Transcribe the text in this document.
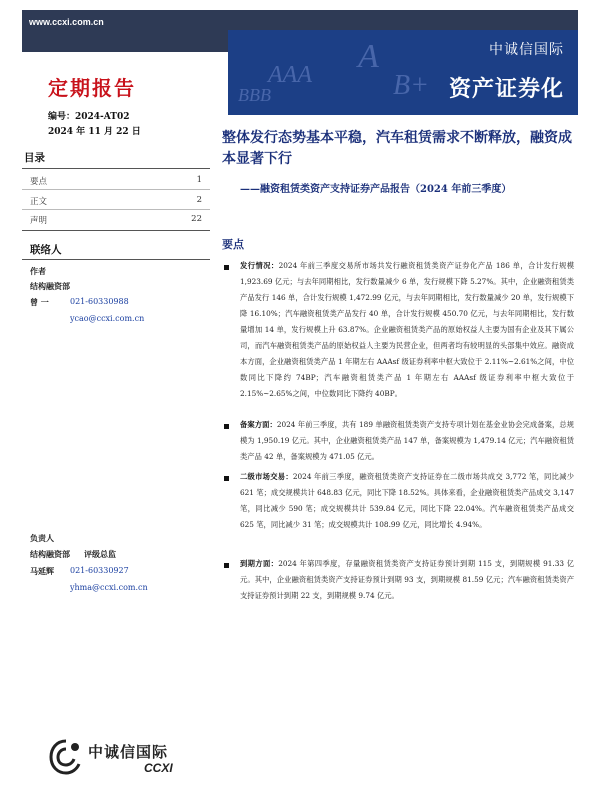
www.ccxi.com.cn
AAA
BBB
A
B+
中诚信国际
资产证券化
定期报告
编号：2024-AT02
2024 年 11 月 22 日	整体发行态势基本平稳，汽车租赁需求不断释放，融资成本显著下行
——融资租赁类资产支持证券产品报告（2024 年前三季度）
目录
要点	1
正文	2
声明	22
联络人
作者
结构融资部
曾 一	021-60330988
ycao@ccxi.com.cn
负责人
结构融资部 评级总监
马延辉 021-60330927
yhma@ccxi.com.cn
要点
发行情况：2024 年前三季度交易所市场共发行融资租赁类资产证券化产品 186 单，合计发行规模 1,923.69 亿元；与去年同期相比，发行数量减少 6 单，发行规模下降 5.27%。其中，企业融资租赁类产品发行 146 单，合计发行规模 1,472.99 亿元，与去年同期相比，发行数量减少 20 单，发行规模下降 16.10%；汽车融资租赁类产品发行 40 单，合计发行规模 450.70 亿元，与去年同期相比，发行数量增加 14 单，发行规模上升 63.87%。企业融资租赁类产品的原始权益人主要为国有企业及其下属公司，而汽车融资租赁类产品的原始权益人主要为民营企业，但两者均有较明显的头部集中效应。融资成本方面，企业融资租赁类产品 1 年期左右 AAAsf 级证券利率中枢大致位于 2.11%~2.61%之间，中位数同比下降约 74BP；汽车融资租赁类产品 1 年期左右 AAAsf 级证券利率中枢大致位于 2.15%~2.65%之间，中位数同比下降约 40BP。
备案方面：2024 年前三季度，共有 189 单融资租赁类资产支持专项计划在基金业协会完成备案，总规模为 1,950.19 亿元。其中，企业融资租赁类产品 147 单，备案规模为 1,479.14 亿元；汽车融资租赁类产品 42 单，备案规模为 471.05 亿元。
二级市场交易：2024 年前三季度，融资租赁类资产支持证券在二级市场共成交 3,772 笔，同比减少 621 笔；成交规模共计 648.83 亿元，同比下降 18.52%。具体来看，企业融资租赁类产品成交 3,147 笔，同比减少 590 笔；成交规模共计 539.84 亿元，同比下降 22.04%。汽车融资租赁类产品成交 625 笔，同比减少 31 笔；成交规模共计 108.99 亿元，同比增长 4.94%。
到期方面：2024 年第四季度，存量融资租赁类资产支持证券预计到期 115 支，到期规模 91.33 亿元。其中，企业融资租赁类资产支持证券预计到期 93 支，到期规模 81.59 亿元；汽车融资租赁类资产支持证券预计到期 22 支，到期规模 9.74 亿元。
中诚信国际
CCXI
